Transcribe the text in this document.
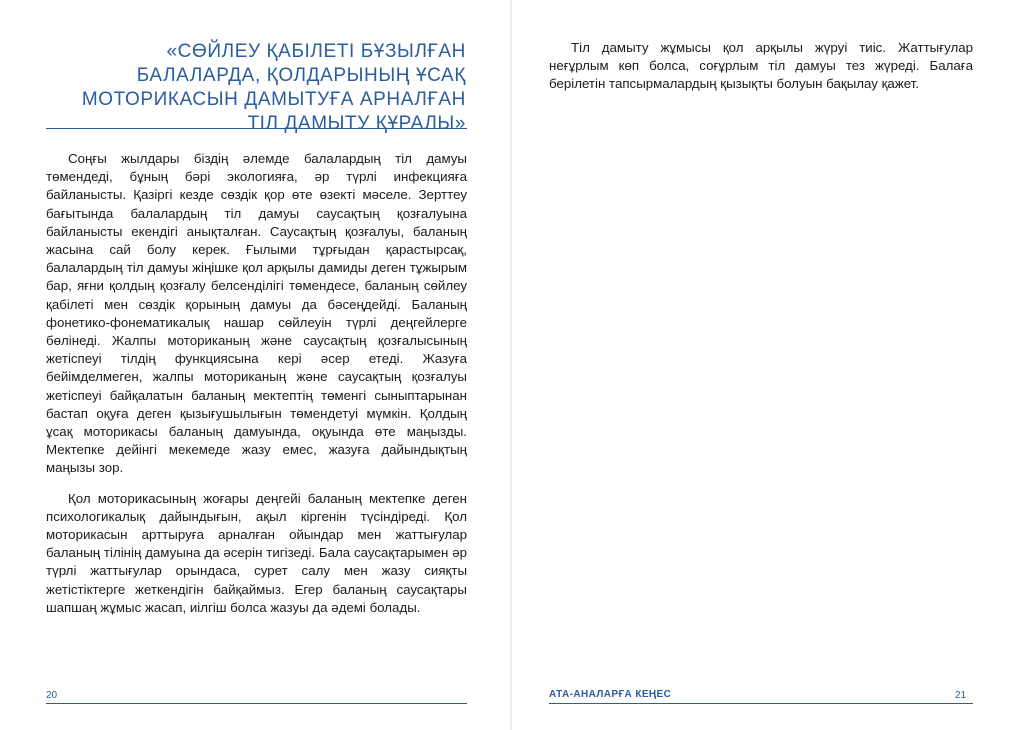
«СӨЙЛЕУ ҚАБІЛЕТІ БҰЗЫЛҒАН
БАЛАЛАРДА, ҚОЛДАРЫНЫҢ ҰСАҚ
МОТОРИКАСЫН ДАМЫТУҒА АРНАЛҒАН
ТІЛ ДАМЫТУ ҚҰРАЛЫ»

Соңғы жылдары біздің әлемде балалардың тіл дамуы төмендеді, бұның бәрі экологияға, әр түрлі инфекцияға байланысты. Қазіргі кезде сөздік қор өте өзекті мәселе. Зерттеу бағытында балалардың тіл дамуы саусақтың қозғалуына байланысты екендігі анықталған. Саусақтың қозғалуы, баланың жасына сай болу керек. Ғылыми тұрғыдан қарастырсақ, балалардың тіл дамуы жіңішке қол арқылы дамиды деген тұжырым бар, яғни қолдың қозғалу белсенділігі төмендесе, баланың сөйлеу қабілеті мен сөздік қорының дамуы да бәсеңдейді. Баланың фонетико-фонематикалық нашар сөйлеуін түрлі деңгейлерге бөлінеді. Жалпы моториканың және саусақтың қозғалысының жетіспеуі тілдің функциясына кері әсер етеді. Жазуға бейімделмеген, жалпы моториканың және саусақтың қозғалуы жетіспеуі байқалатын баланың мектептің төменгі сыныптарынан бастап оқуға деген қызығушылығын төмендетуі мүмкін. Қолдың ұсақ моторикасы баланың дамуында, оқуында өте маңызды. Мектепке дейінгі мекемеде жазу емес, жазуға дайындықтың маңызы зор.

Қол моторикасының жоғары деңгейі баланың мектепке деген психологикалық дайындығын, ақыл кіргенін түсіндіреді. Қол моторикасын арттыруға арналған ойындар мен жаттығулар баланың тілінің дамуына да әсерін тигізеді. Бала саусақтарымен әр түрлі жаттығулар орындаса, сурет салу мен жазу сияқты жетістіктерге жеткендігін байқаймыз. Егер баланың саусақтары шапшаң жұмыс жасап, иілгіш болса жазуы да әдемі болады.

20

Тіл дамыту жұмысы қол арқылы жүруі тиіс. Жаттығулар неғұрлым көп болса, соғұрлым тіл дамуы тез жүреді. Балаға берілетін тапсырмалардың қызықты болуын бақылау қажет.

АТА-АНАЛАРҒА КЕҢЕС	21
